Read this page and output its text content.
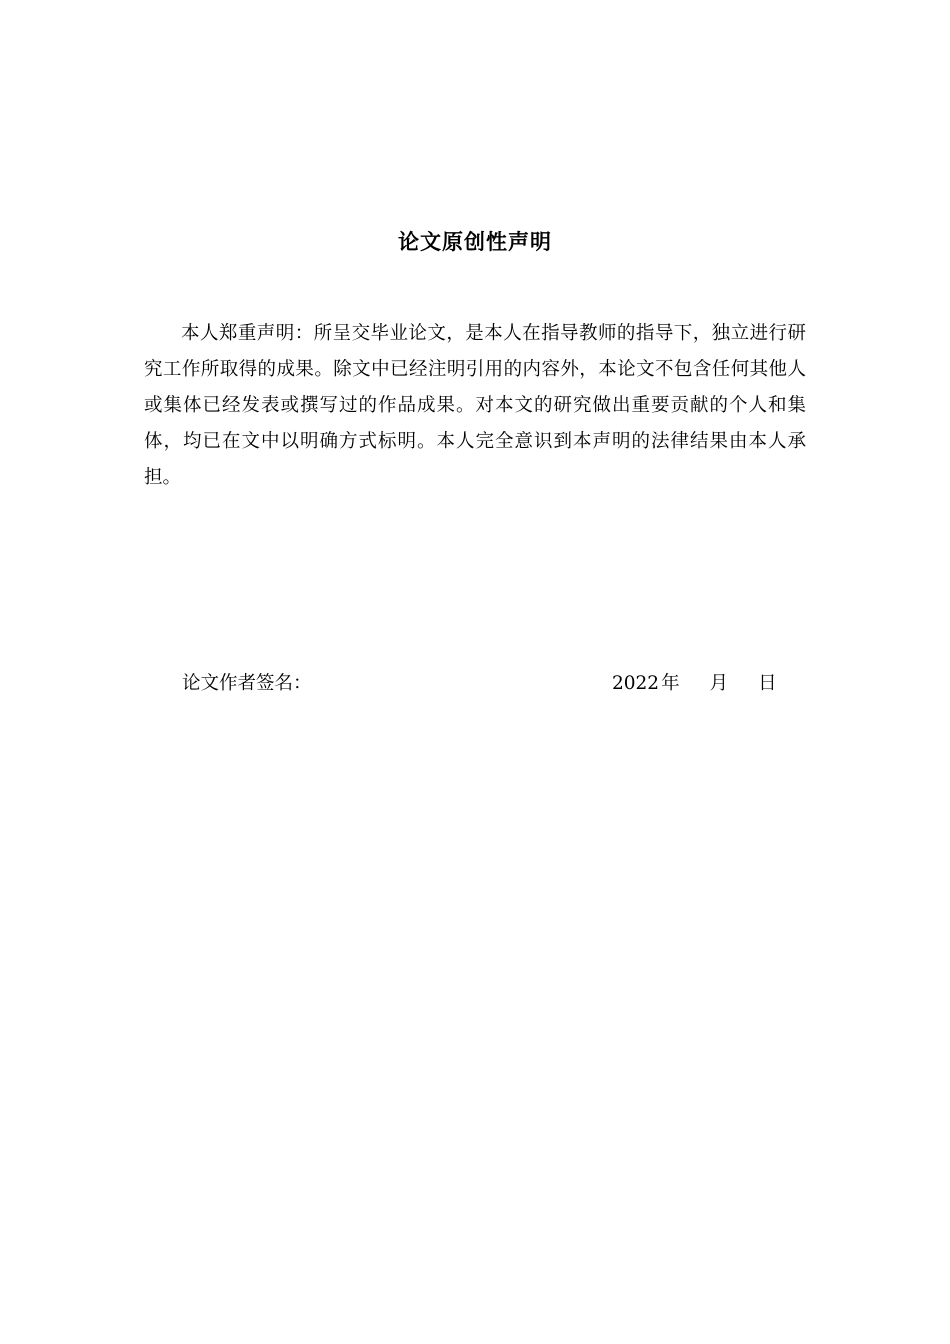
论文原创性声明

本人郑重声明：所呈交毕业论文，是本人在指导教师的指导下，独立进行研究工作所取得的成果。除文中已经注明引用的内容外，本论文不包含任何其他人或集体已经发表或撰写过的作品成果。对本文的研究做出重要贡献的个人和集体，均已在文中以明确方式标明。本人完全意识到本声明的法律结果由本人承担。

论文作者签名：	2022 年 月 日
